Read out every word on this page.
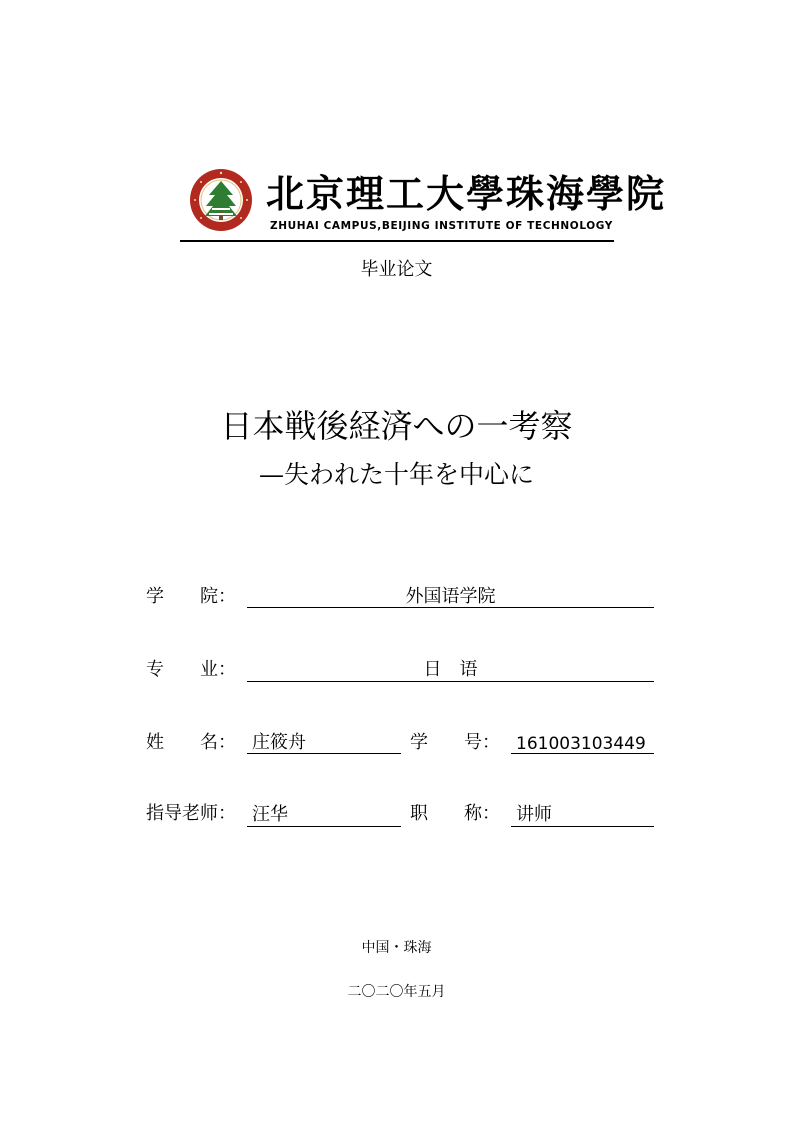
北京理工大學珠海學院
ZHUHAI CAMPUS,BEIJING INSTITUTE OF TECHNOLOGY
毕业论文
日本戦後経済への一考察
—失われた十年を中心に
学　　院：	外国语学院
专　　业：	日　语
姓　　名： 庄筱舟	学　　号： 161003103449
指导老师： 汪华	职　　称： 讲师
中国・珠海
二〇二〇年五月
